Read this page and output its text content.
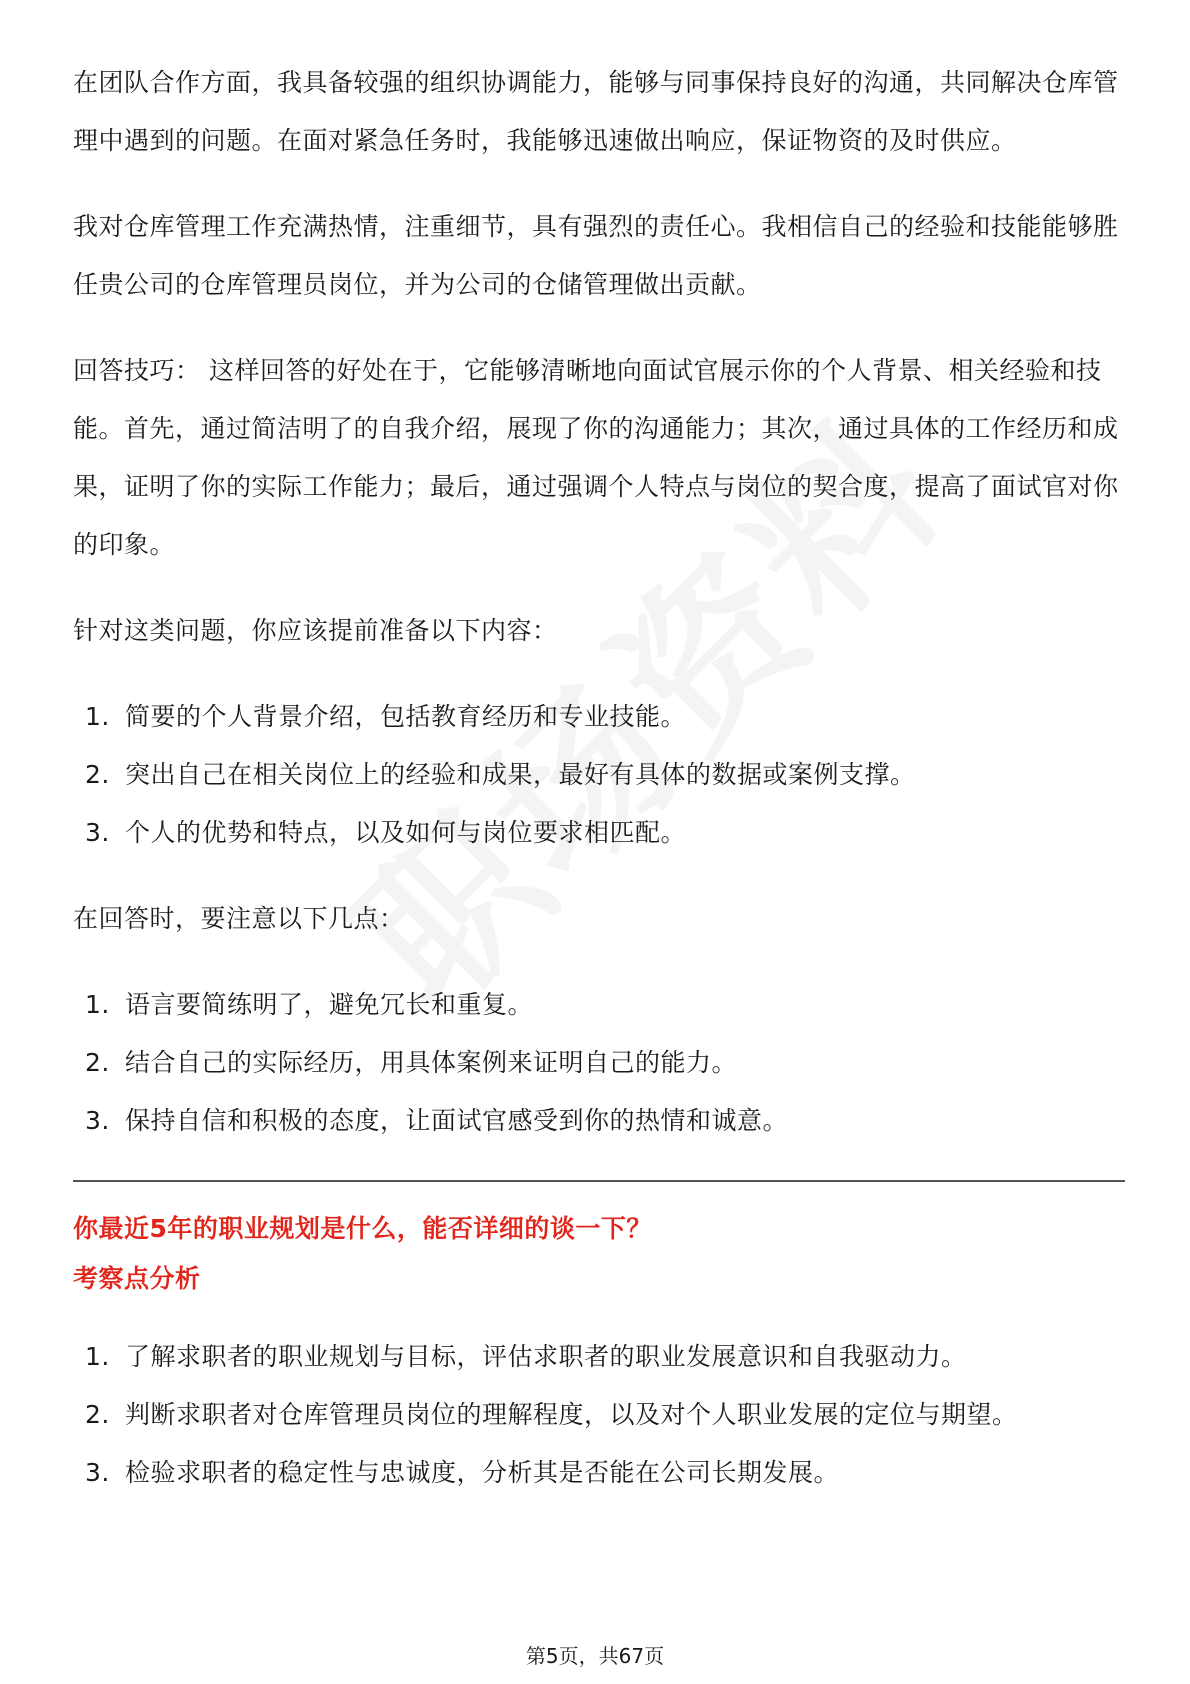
在团队合作方面，我具备较强的组织协调能力，能够与同事保持良好的沟通，共同解决仓库管理中遇到的问题。在面对紧急任务时，我能够迅速做出响应，保证物资的及时供应。

我对仓库管理工作充满热情，注重细节，具有强烈的责任心。我相信自己的经验和技能能够胜任贵公司的仓库管理员岗位，并为公司的仓储管理做出贡献。

回答技巧： 这样回答的好处在于，它能够清晰地向面试官展示你的个人背景、相关经验和技能。首先，通过简洁明了的自我介绍，展现了你的沟通能力；其次，通过具体的工作经历和成果，证明了你的实际工作能力；最后，通过强调个人特点与岗位的契合度，提高了面试官对你的印象。

针对这类问题，你应该提前准备以下内容：

1. 简要的个人背景介绍，包括教育经历和专业技能。
2. 突出自己在相关岗位上的经验和成果，最好有具体的数据或案例支撑。
3. 个人的优势和特点，以及如何与岗位要求相匹配。

在回答时，要注意以下几点：

1. 语言要简练明了，避免冗长和重复。
2. 结合自己的实际经历，用具体案例来证明自己的能力。
3. 保持自信和积极的态度，让面试官感受到你的热情和诚意。
你最近5年的职业规划是什么，能否详细的谈一下？
考察点分析
1. 了解求职者的职业规划与目标，评估求职者的职业发展意识和自我驱动力。
2. 判断求职者对仓库管理员岗位的理解程度，以及对个人职业发展的定位与期望。
3. 检验求职者的稳定性与忠诚度，分析其是否能在公司长期发展。
第5页，共67页
